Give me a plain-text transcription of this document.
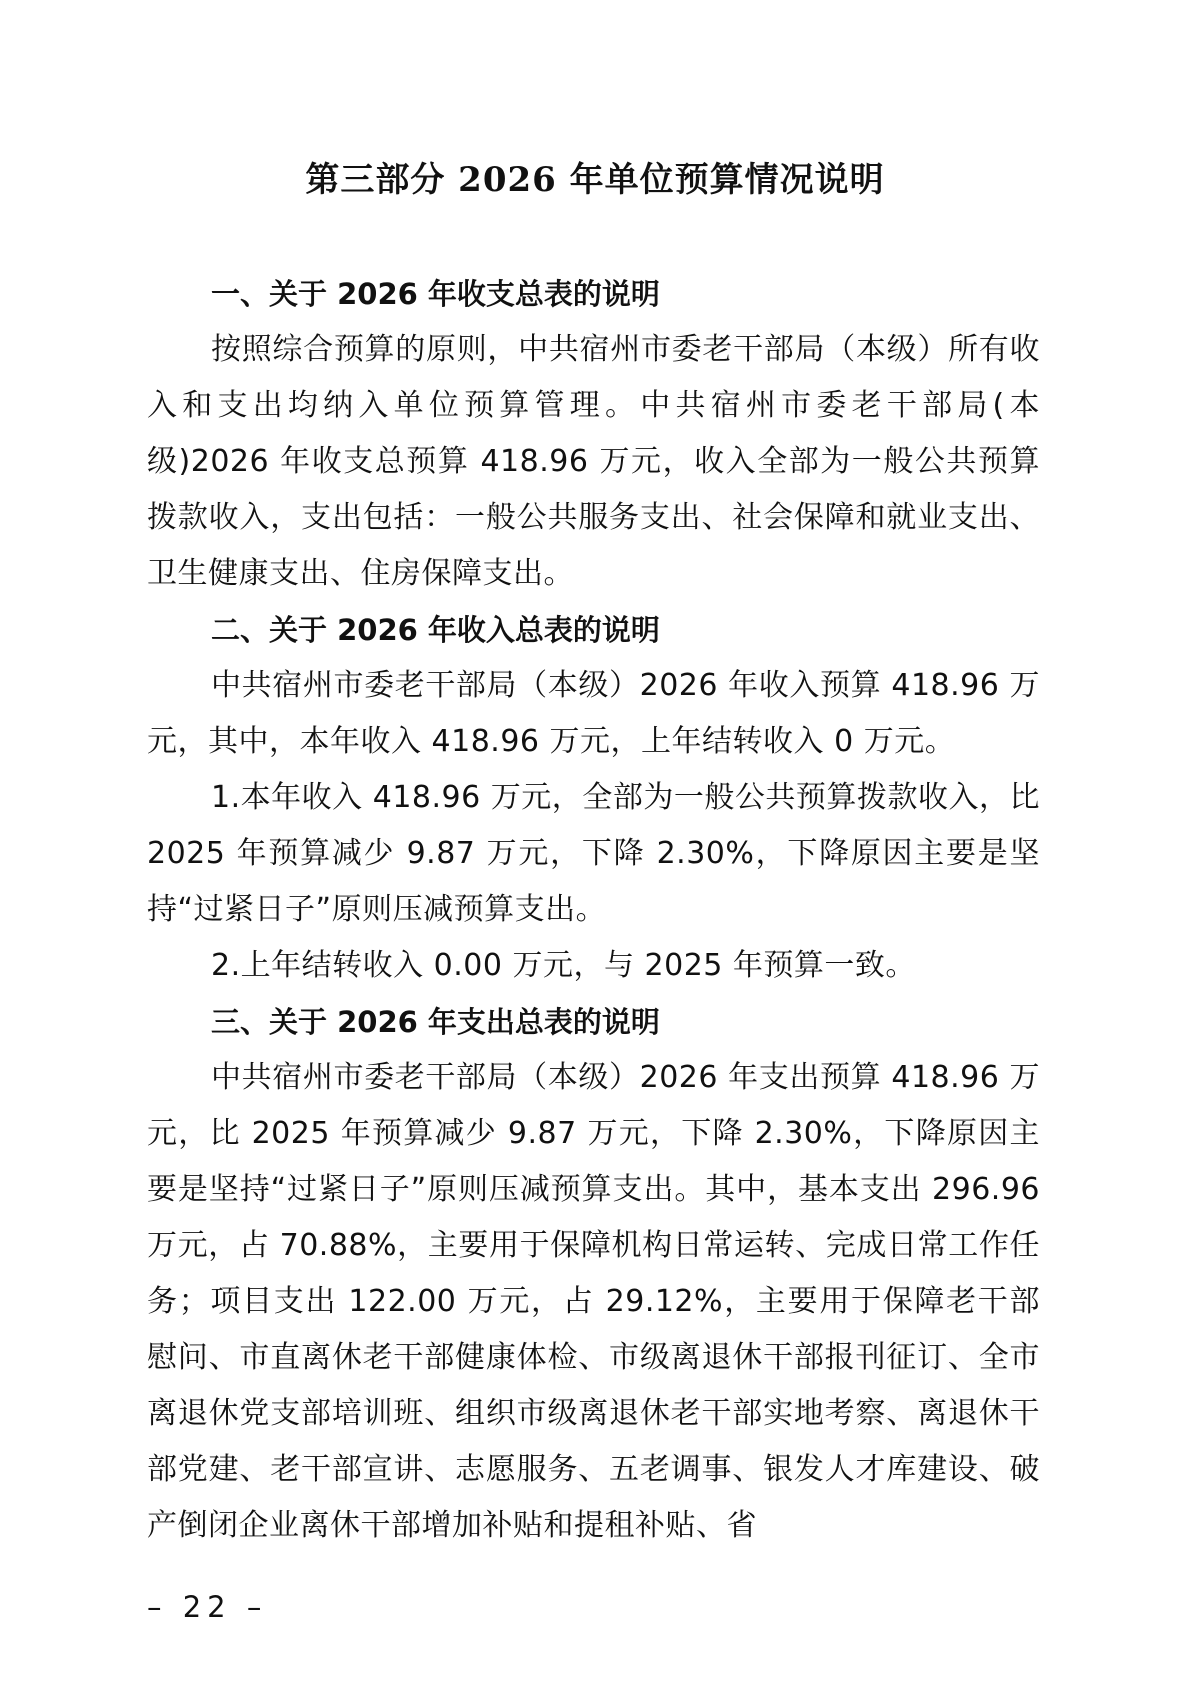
第三部分 2026 年单位预算情况说明

一、关于 2026 年收支总表的说明

按照综合预算的原则，中共宿州市委老干部局（本级）所有收入和支出均纳入单位预算管理。中共宿州市委老干部局(本级)2026 年收支总预算 418.96 万元，收入全部为一般公共预算拨款收入，支出包括：一般公共服务支出、社会保障和就业支出、卫生健康支出、住房保障支出。

二、关于 2026 年收入总表的说明

中共宿州市委老干部局（本级）2026 年收入预算 418.96 万元，其中，本年收入 418.96 万元，上年结转收入 0 万元。

1.本年收入 418.96 万元，全部为一般公共预算拨款收入，比 2025 年预算减少 9.87 万元，下降 2.30%，下降原因主要是坚持“过紧日子”原则压减预算支出。

2.上年结转收入 0.00 万元，与 2025 年预算一致。

三、关于 2026 年支出总表的说明

中共宿州市委老干部局（本级）2026 年支出预算 418.96 万元，比 2025 年预算减少 9.87 万元，下降 2.30%，下降原因主要是坚持“过紧日子”原则压减预算支出。其中，基本支出 296.96 万元，占 70.88%，主要用于保障机构日常运转、完成日常工作任务；项目支出 122.00 万元，占 29.12%，主要用于保障老干部慰问、市直离休老干部健康体检、市级离退休干部报刊征订、全市离退休党支部培训班、组织市级离退休老干部实地考察、离退休干部党建、老干部宣讲、志愿服务、五老调事、银发人才库建设、破产倒闭企业离休干部增加补贴和提租补贴、省

– 22 –
